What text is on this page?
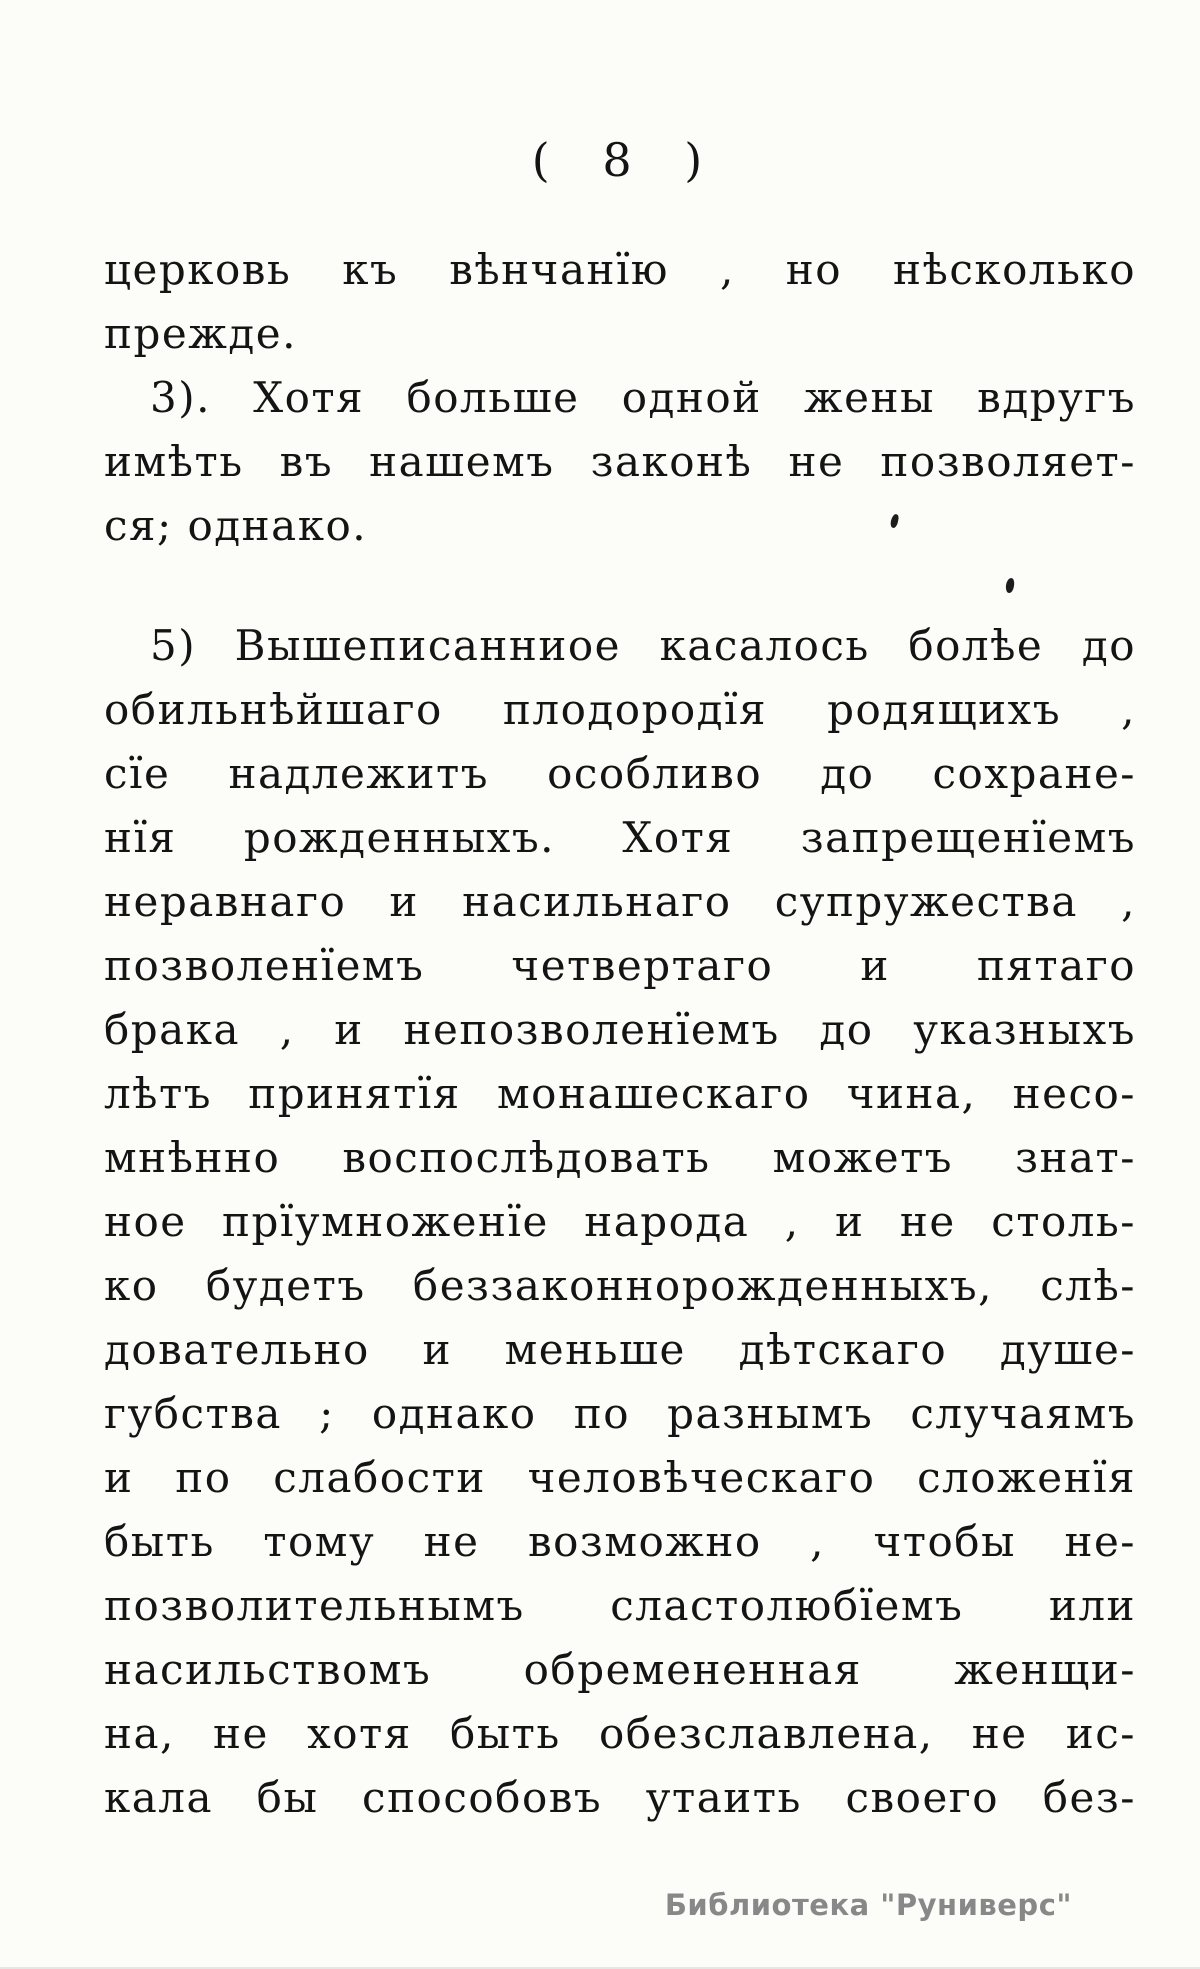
( 8 )
церковь къ вѣнчанїю , но нѣсколько
прежде.
3). Хотя больше одной жены вдругъ
имѣть въ нашемъ законѣ не позволяет-
ся; однако.
5) Вышеписанниое касалось болѣе до
обильнѣйшаго плодородїя родящихъ ,
сїе надлежитъ особливо до сохране-
нїя рожденныхъ. Хотя запрещенїемъ
неравнаго и насильнаго супружества ,
позволенїемъ четвертаго и пятаго
брака , и непозволенїемъ до указныхъ
лѣтъ принятїя монашескаго чина, несо-
мнѣнно воспослѣдовать можетъ знат-
ное прїумноженїе народа , и не столь-
ко будетъ беззаконнорожденныхъ, слѣ-
довательно и меньше дѣтскаго душе-
губства ; однако по разнымъ случаямъ
и по слабости человѣческаго сложенїя
быть тому не возможно , чтобы не-
позволительнымъ сластолюбїемъ или
насильствомъ обремененная женщи-
на, не хотя быть обезславлена, не ис-
кала бы способовъ утаить своего без-
Библиотека "Руниверс"
